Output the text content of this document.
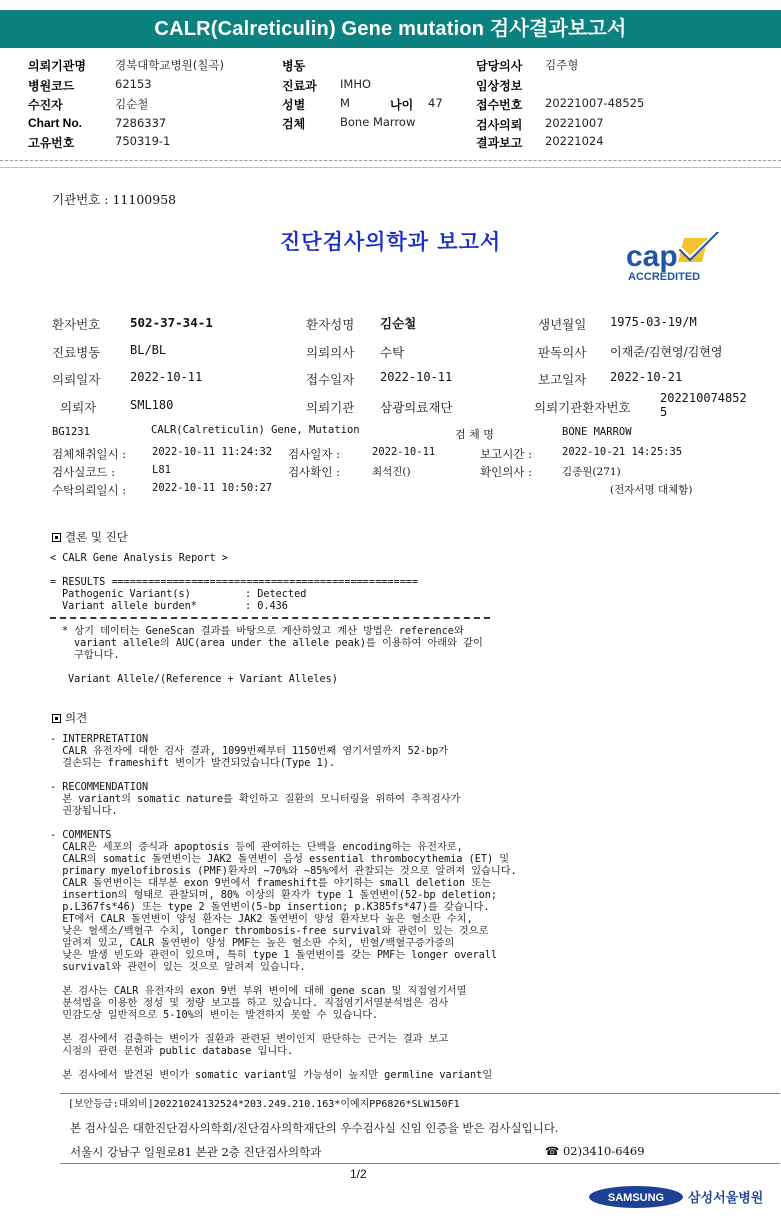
CALR(Calreticulin) Gene mutation 검사결과보고서
의뢰기관명	경북대학교병원(칠곡)	병동	담당의사 김주형
병원코드	62153	진료과 IMHO	임상정보
수진자	김순철	성별	M	나이 47	접수번호 20221007-48525
Chart No.	7286337	검체	Bone Marrow	검사의뢰 20221007
고유번호	750319-1	결과보고 20221024
기관번호 : 11100958
진단검사의학과 보고서	cap
ACCREDITED
환자번호 502-37-34-1	환자성명 김순철	생년월일 1975-03-19/M
진료병동 BL/BL	의뢰의사 수탁	판독의사 이재준/김현영/김현영
의뢰일자 2022-10-11	접수일자 2022-10-11	보고일자 2022-10-21
의뢰자	SML180	의뢰기관 삼광의료재단	의뢰기관환자번호
202210074852
5
BG1231	CALR(Calreticulin) Gene, Mutation	검 체 명	BONE MARROW
검체채취일시 : 2022-10-11 11:24:32 검사일자 :	2022-10-11	보고시간 :	2022-10-21 14:25:35
검사실코드 :	L81	검사확인 :	최석진()	확인의사 :	김종원(271)
수탁의뢰일시 : 2022-10-11 10:50:27	(전자서명 대체함)
결론 및 진단
< CALR Gene Analysis Report >
= RESULTS ==================================================
Pathogenic Variant(s)	: Detected
Variant allele burden*	: 0.436
* 상기 데이터는 GeneScan 결과를 바탕으로 계산하였고 계산 방법은 reference와
variant allele의 AUC(area under the allele peak)를 이용하여 아래와 같이
구합니다.
Variant Allele/(Reference + Variant Alleles)
의견
- INTERPRETATION
CALR 유전자에 대한 검사 결과, 1099번째부터 1150번째 염기서열까지 52-bp가
결손되는 frameshift 변이가 발견되었습니다(Type 1).
- RECOMMENDATION
본 variant의 somatic nature를 확인하고 질환의 모니터링을 위하여 추적검사가
권장됩니다.
- COMMENTS
CALR은 세포의 증식과 apoptosis 등에 관여하는 단백을 encoding하는 유전자로,
CALR의 somatic 돌연변이는 JAK2 돌연변이 음성 essential thrombocythemia (ET) 및
primary myelofibrosis (PMF)환자의 ~70%와 ~85%에서 관찰되는 것으로 알려져 있습니다.
CALR 돌연변이는 대부분 exon 9번에서 frameshift를 야기하는 small deletion 또는
insertion의 형태로 관찰되며, 80% 이상의 환자가 type 1 돌연변이(52-bp deletion;
p.L367fs*46) 또는 type 2 돌연변이(5-bp insertion; p.K385fs*47)를 갖습니다.
ET에서 CALR 돌연변이 양성 환자는 JAK2 돌연변이 양성 환자보다 높은 혈소판 수치,
낮은 혈색소/백혈구 수치, longer thrombosis-free survival와 관련이 있는 것으로
알려져 있고, CALR 돌연변이 양성 PMF는 높은 혈소판 수치, 빈혈/백혈구증가증의
낮은 발생 빈도와 관련이 있으며, 특히 type 1 돌연변이를 갖는 PMF는 longer overall
survival와 관련이 있는 것으로 알려져 있습니다.
본 검사는 CALR 유전자의 exon 9번 부위 변이에 대해 gene scan 및 직접염기서열
분석법을 이용한 정성 및 정량 보고를 하고 있습니다. 직접염기서열분석법은 검사
민감도상 일반적으로 5-10%의 변이는 발견하지 못할 수 있습니다.
본 검사에서 검출하는 변이가 질환과 관련된 변이인지 판단하는 근거는 결과 보고
시점의 관련 문헌과 public database 입니다.
본 검사에서 발견된 변이가 somatic variant일 가능성이 높지만 germline variant일
[보안등급:대외비]20221024132524*203.249.210.163*이예지PP6826*SLW150F1
본 검사실은 대한진단검사의학회/진단검사의학재단의 우수검사실 신임 인증을 받은 검사실입니다.
서울시 강남구 일원로81 본관 2층 진단검사의학과	☎ 02)3410-6469
1/2
SAMSUNG 삼성서울병원
